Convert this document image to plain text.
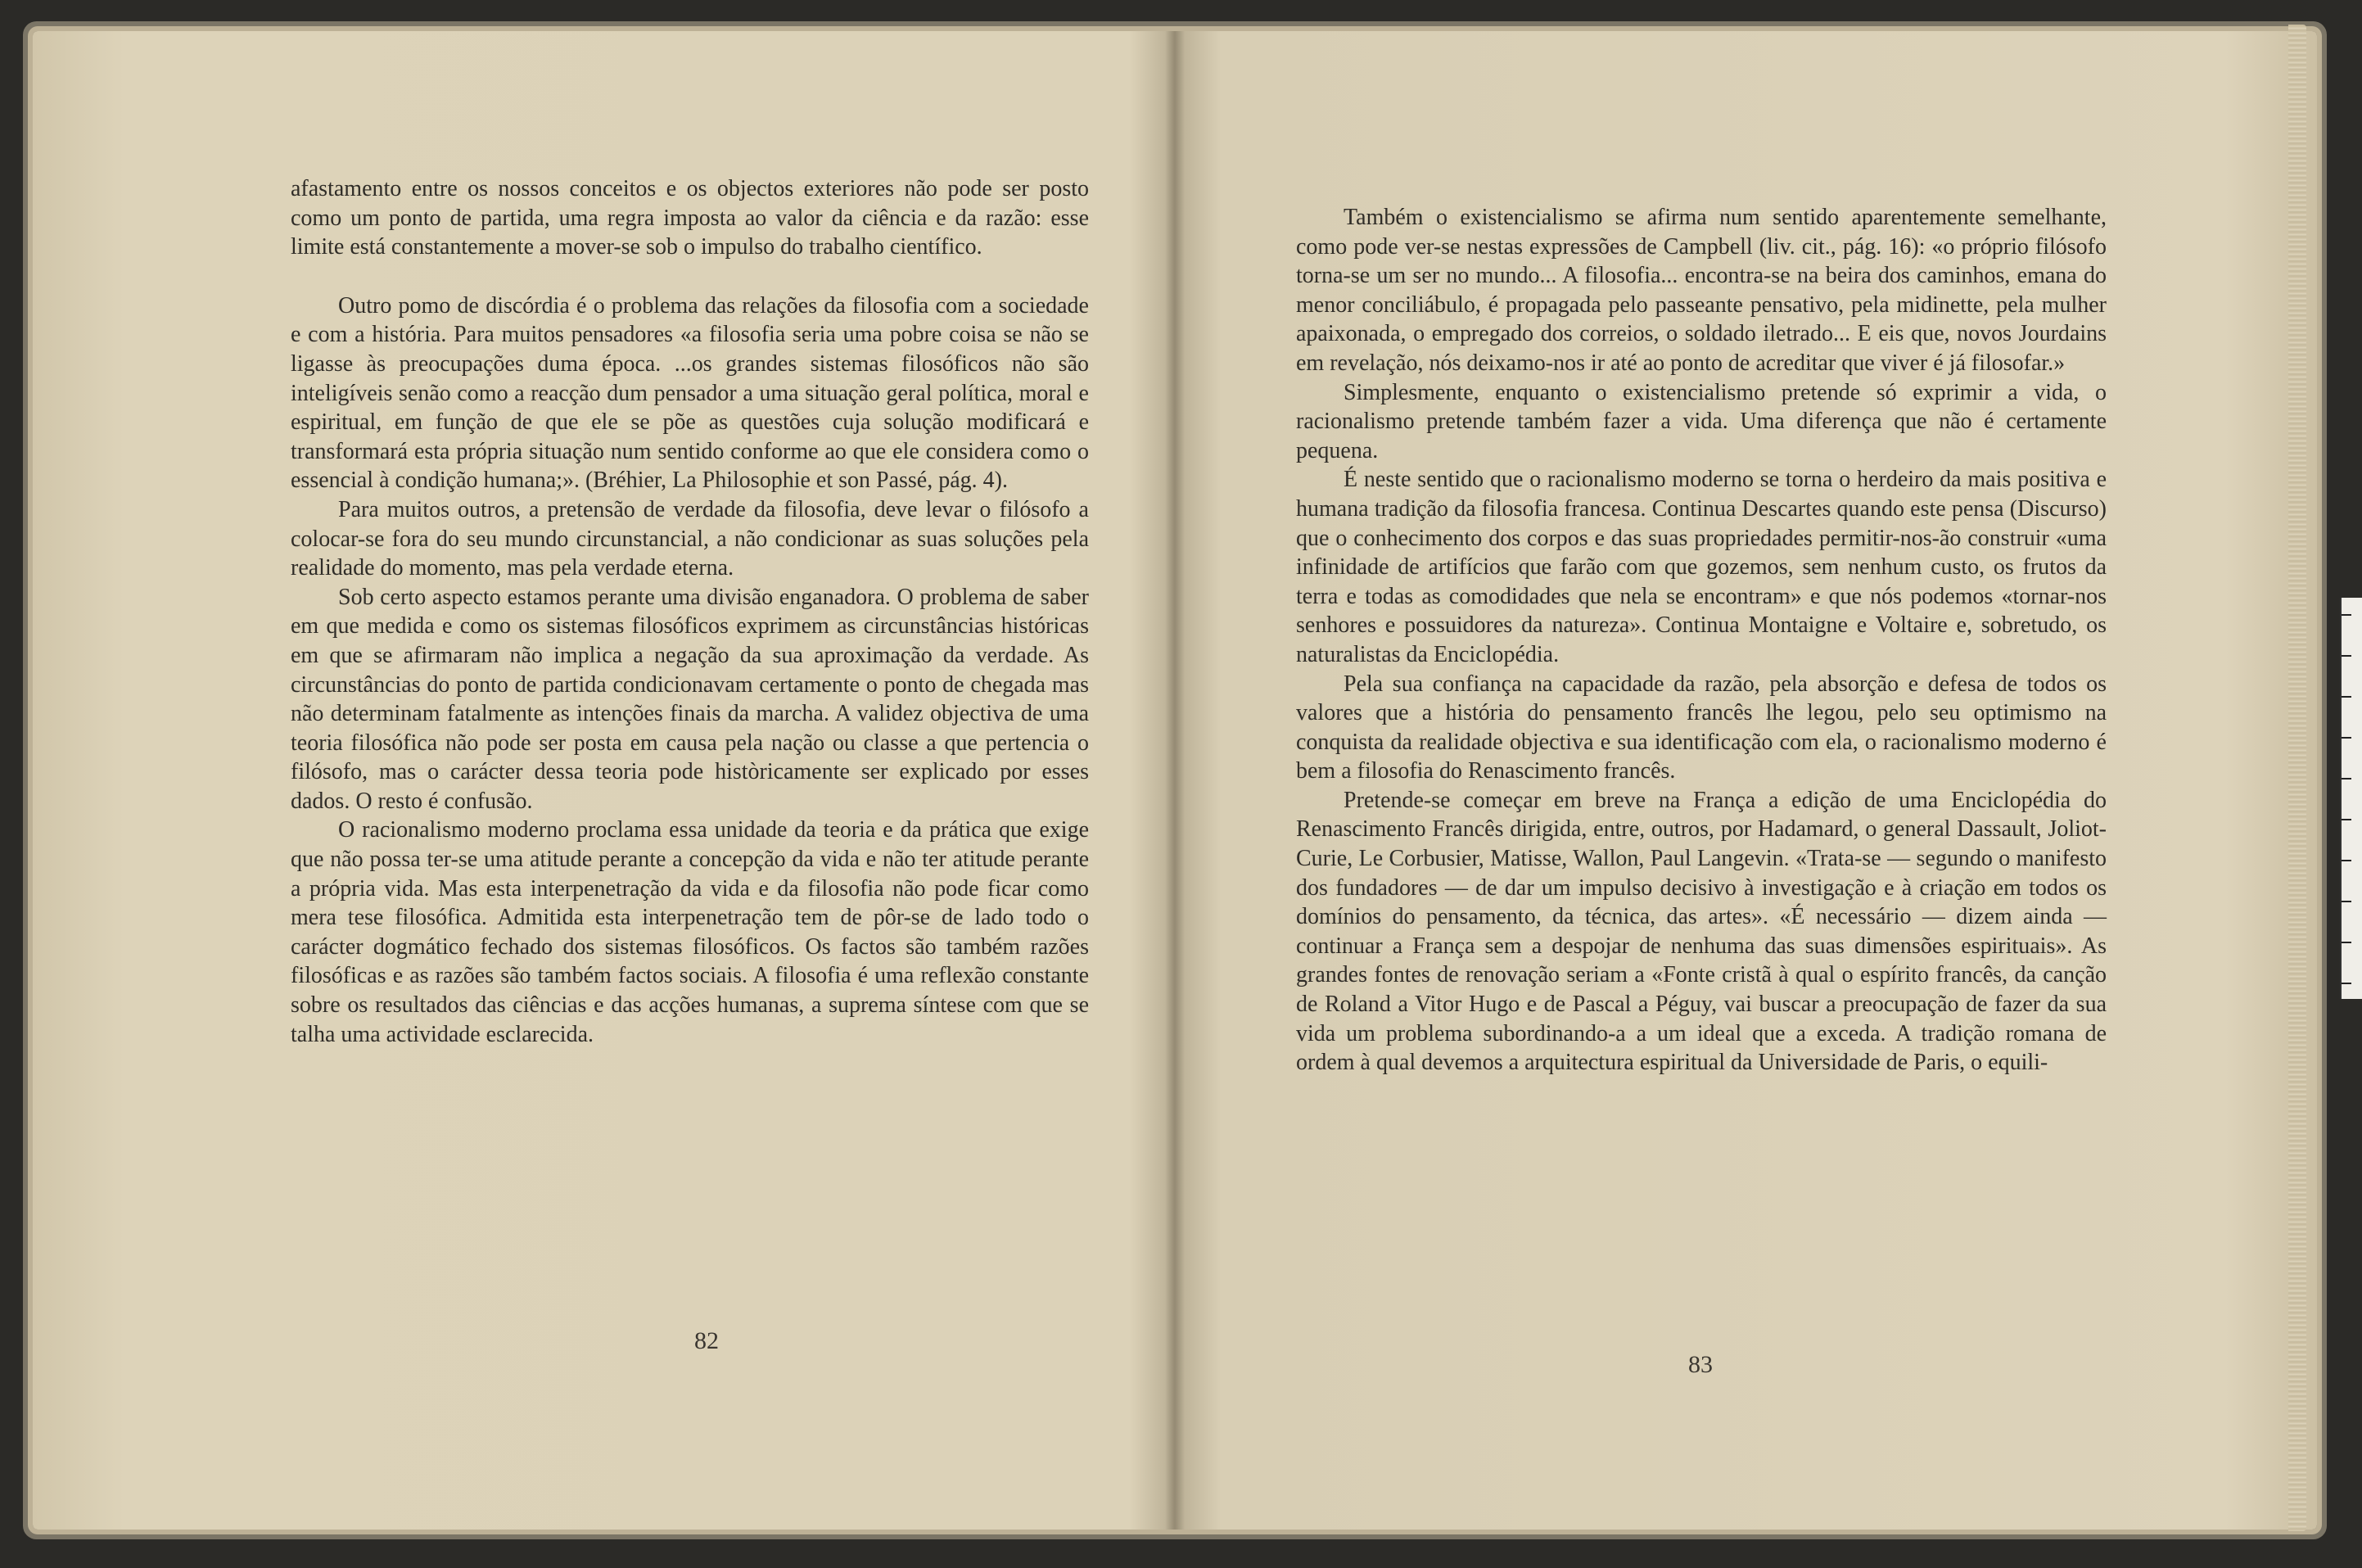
afastamento entre os nossos conceitos e os objectos exteriores não pode ser posto como um ponto de partida, uma regra imposta ao valor da ciência e da razão: esse limite está constantemente a mover-se sob o impulso do trabalho científico.

Outro pomo de discórdia é o problema das relações da filosofia com a sociedade e com a história. Para muitos pensadores «a filosofia seria uma pobre coisa se não se ligasse às preocupações duma época. ...os grandes sistemas filosóficos não são inteligíveis senão como a reacção dum pensador a uma situação geral política, moral e espiritual, em função de que ele se põe as questões cuja solução modificará e transformará esta própria situação num sentido conforme ao que ele considera como o essencial à condição humana;». (Bréhier, La Philosophie et son Passé, pág. 4).

Para muitos outros, a pretensão de verdade da filosofia, deve levar o filósofo a colocar-se fora do seu mundo circunstancial, a não condicionar as suas soluções pela realidade do momento, mas pela verdade eterna.

Sob certo aspecto estamos perante uma divisão enganadora. O problema de saber em que medida e como os sistemas filosóficos exprimem as circunstâncias históricas em que se afirmaram não implica a negação da sua aproximação da verdade. As circunstâncias do ponto de partida condicionavam certamente o ponto de chegada mas não determinam fatalmente as intenções finais da marcha. A validez objectiva de uma teoria filosófica não pode ser posta em causa pela nação ou classe a que pertencia o filósofo, mas o carácter dessa teoria pode històricamente ser explicado por esses dados. O resto é confusão.

O racionalismo moderno proclama essa unidade da teoria e da prática que exige que não possa ter-se uma atitude perante a concepção da vida e não ter atitude perante a própria vida. Mas esta interpenetração da vida e da filosofia não pode ficar como mera tese filosófica. Admitida esta interpenetração tem de pôr-se de lado todo o carácter dogmático fechado dos sistemas filosóficos. Os factos são também razões filosóficas e as razões são também factos sociais. A filosofia é uma reflexão constante sobre os resultados das ciências e das acções humanas, a suprema síntese com que se talha uma actividade esclarecida.

82

Também o existencialismo se afirma num sentido aparentemente semelhante, como pode ver-se nestas expressões de Campbell (liv. cit., pág. 16): «o próprio filósofo torna-se um ser no mundo... A filosofia... encontra-se na beira dos caminhos, emana do menor conciliábulo, é propagada pelo passeante pensativo, pela midinette, pela mulher apaixonada, o empregado dos correios, o soldado iletrado... E eis que, novos Jourdains em revelação, nós deixamo-nos ir até ao ponto de acreditar que viver é já filosofar.»

Simplesmente, enquanto o existencialismo pretende só exprimir a vida, o racionalismo pretende também fazer a vida. Uma diferença que não é certamente pequena.

É neste sentido que o racionalismo moderno se torna o herdeiro da mais positiva e humana tradição da filosofia francesa. Continua Descartes quando este pensa (Discurso) que o conhecimento dos corpos e das suas propriedades permitir-nos-ão construir «uma infinidade de artifícios que farão com que gozemos, sem nenhum custo, os frutos da terra e todas as comodidades que nela se encontram» e que nós podemos «tornar-nos senhores e possuidores da natureza». Continua Montaigne e Voltaire e, sobretudo, os naturalistas da Enciclopédia.

Pela sua confiança na capacidade da razão, pela absorção e defesa de todos os valores que a história do pensamento francês lhe legou, pelo seu optimismo na conquista da realidade objectiva e sua identificação com ela, o racionalismo moderno é bem a filosofia do Renascimento francês.

Pretende-se começar em breve na França a edição de uma Enciclopédia do Renascimento Francês dirigida, entre, outros, por Hadamard, o general Dassault, Joliot-Curie, Le Corbusier, Matisse, Wallon, Paul Langevin. «Trata-se — segundo o manifesto dos fundadores — de dar um impulso decisivo à investigação e à criação em todos os domínios do pensamento, da técnica, das artes». «É necessário — dizem ainda — continuar a França sem a despojar de nenhuma das suas dimensões espirituais». As grandes fontes de renovação seriam a «Fonte cristã à qual o espírito francês, da canção de Roland a Vitor Hugo e de Pascal a Péguy, vai buscar a preocupação de fazer da sua vida um problema subordinando-a a um ideal que a exceda. A tradição romana de ordem à qual devemos a arquitectura espiritual da Universidade de Paris, o equili-

83
